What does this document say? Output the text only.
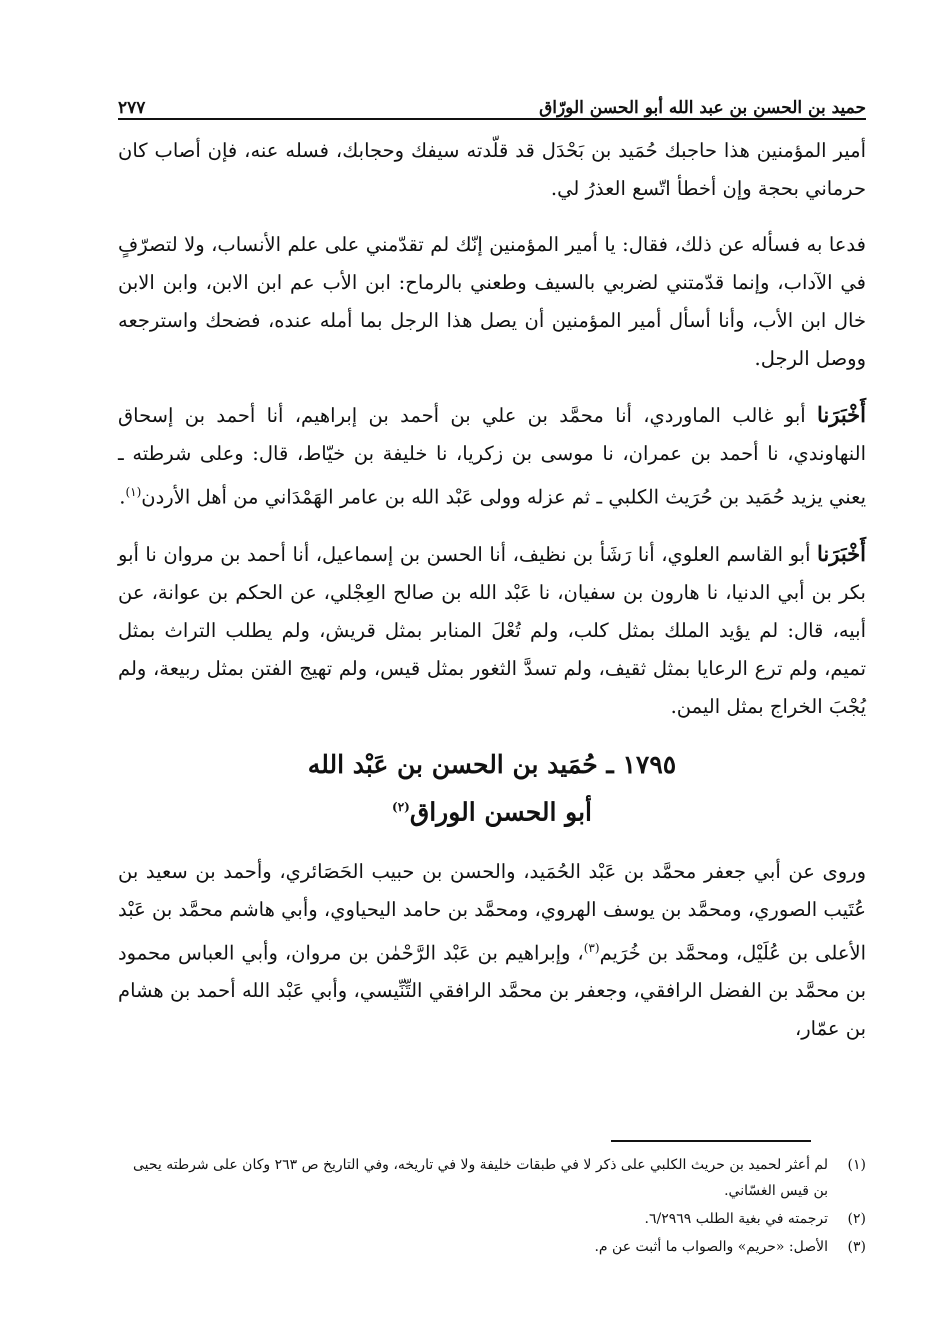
حميد بن الحسن بن عبد الله أبو الحسن الورّاق
٢٧٧

أمير المؤمنين هذا حاجبك حُمَيد بن بَحْدَل قد قلّدته سيفك وحجابك، فسله عنه، فإن أصاب كان حرماني بحجة وإن أخطأ اتّسع العذرُ لي.

فدعا به فسأله عن ذلك، فقال: يا أمير المؤمنين إنّك لم تقدّمني على علم الأنساب، ولا لتصرّفٍ في الآداب، وإنما قدّمتني لضربي بالسيف وطعني بالرماح: ابن الأب عم ابن الابن، وابن الابن خال ابن الأب، وأنا أسأل أمير المؤمنين أن يصل هذا الرجل بما أمله عنده، فضحك واسترجعه ووصل الرجل.

أَخْبَرَنا أبو غالب الماوردي، أنا محمَّد بن علي بن أحمد بن إبراهيم، أنا أحمد بن إسحاق النهاوندي، نا أحمد بن عمران، نا موسى بن زكريا، نا خليفة بن خيّاط، قال: وعلى شرطته ـ يعني يزيد حُمَيد بن حُرَيث الكلبي ـ ثم عزله وولى عَبْد الله بن عامر الهَمْدَاني من أهل الأردن$^{(١)}$.

أَخْبَرَنا أبو القاسم العلوي، أنا رَشَأ بن نظيف، أنا الحسن بن إسماعيل، أنا أحمد بن مروان نا أبو بكر بن أبي الدنيا، نا هارون بن سفيان، نا عَبْد الله بن صالح العِجْلي، عن الحكم بن عوانة، عن أبيه، قال: لم يؤيد الملك بمثل كلب، ولم تُعْلَ المنابر بمثل قريش، ولم يطلب التراث بمثل تميم، ولم ترع الرعايا بمثل ثقيف، ولم تسدَّ الثغور بمثل قيس، ولم تهيج الفتن بمثل ربيعة، ولم يُجْبَ الخراج بمثل اليمن.

١٧٩٥ ـ حُمَيد بن الحسن بن عَبْد الله
أبو الحسن الوراق$^{(٢)}$

وروى عن أبي جعفر محمَّد بن عَبْد الحُمَيد، والحسن بن حبيب الحَصَائري، وأحمد بن سعيد بن عُتَيب الصوري، ومحمَّد بن يوسف الهروي، ومحمَّد بن حامد اليحياوي، وأبي هاشم محمَّد بن عَبْد الأعلى بن عُلَيْل، ومحمَّد بن خُرَيم$^{(٣)}$، وإبراهيم بن عَبْد الرَّحْمٰن بن مروان، وأبي العباس محمود بن محمَّد بن الفضل الرافقي، وجعفر بن محمَّد الرافقي التِّنِّيسي، وأبي عَبْد الله أحمد بن هشام بن عمّار،

(١)
لم أعثر لحميد بن حريث الكلبي على ذكر لا في طبقات خليفة ولا في تاريخه، وفي التاريخ ص ٢٦٣ وكان على شرطته يحيى بن قيس الغسّاني.
(٢)
ترجمته في بغية الطلب ٦/٢٩٦٩.
(٣)
الأصل: «حريم» والصواب ما أثبت عن م.
